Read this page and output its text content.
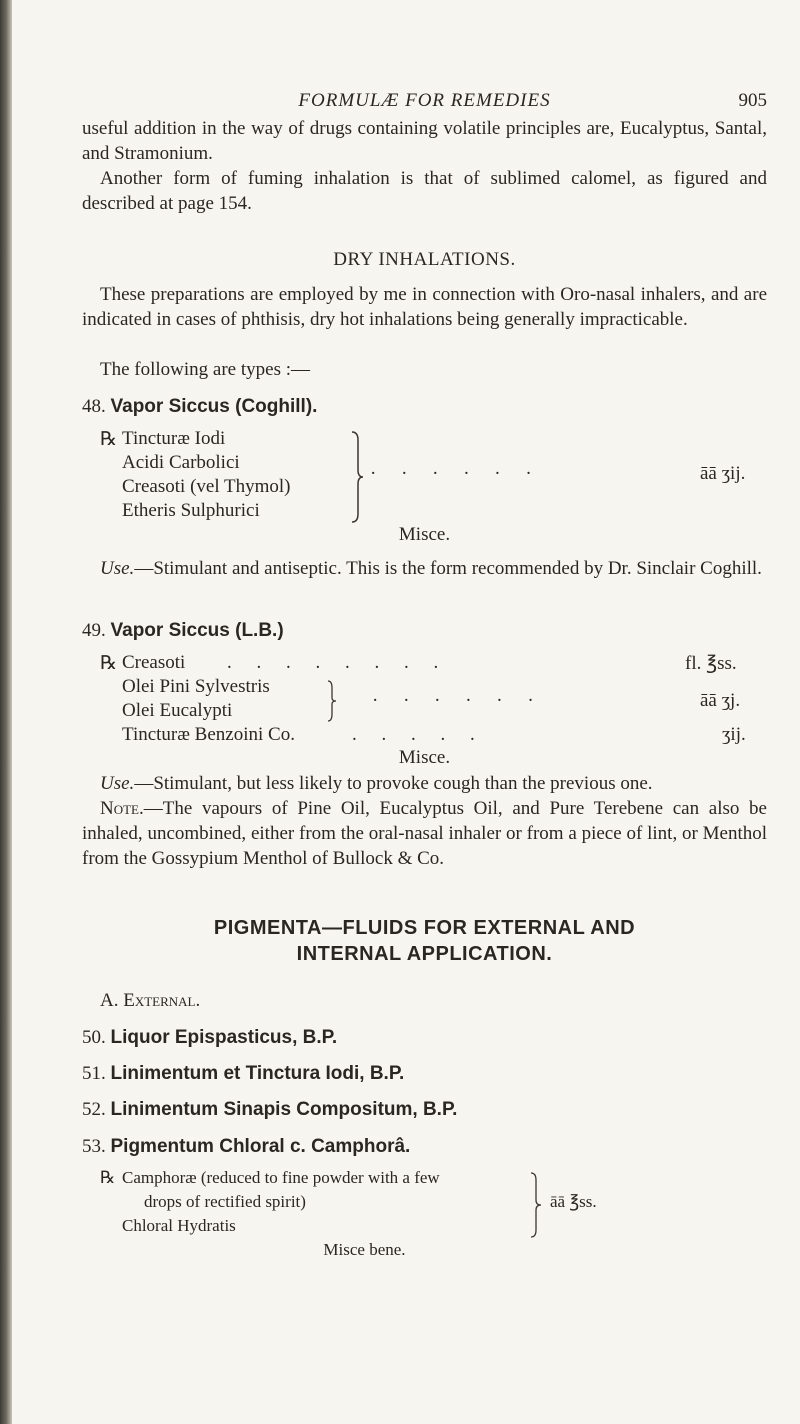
FORMULÆ FOR REMEDIES	905

useful addition in the way of drugs containing volatile principles are, Eucalyptus, Santal, and Stramonium.

Another form of fuming inhalation is that of sublimed calomel, as figured and described at page 154.

DRY INHALATIONS.

These preparations are employed by me in connection with Oro-nasal inhalers, and are indicated in cases of phthisis, dry hot inhalations being generally impracticable.

The following are types :—

48. Vapor Siccus (Coghill).
℞ Tincturæ Iodi
Acidi Carbolici
Creasoti (vel Thymol)
Etheris Sulphurici
· · · · · ·	āā ʒij.
Misce.

Use.—Stimulant and antiseptic. This is the form recommended by Dr. Sinclair Coghill.

49. Vapor Siccus (L.B.)
℞ Creasoti . . . . . . . .	fl. ℥ss.
Olei Pini Sylvestris
Olei Eucalypti	· · · · · ·	āā ʒj.
Tincturæ Benzoini Co.	. . . . .	ʒij.
Misce.

Use.—Stimulant, but less likely to provoke cough than the previous one.

Note.—The vapours of Pine Oil, Eucalyptus Oil, and Pure Terebene can also be inhaled, uncombined, either from the oral-nasal inhaler or from a piece of lint, or Menthol from the Gossypium Menthol of Bullock & Co.

PIGMENTA—FLUIDS FOR EXTERNAL AND
INTERNAL APPLICATION.
A. External.
50. Liquor Epispasticus, B.P.
51. Linimentum et Tinctura Iodi, B.P.
52. Linimentum Sinapis Compositum, B.P.
53. Pigmentum Chloral c. Camphorâ.
℞ Camphoræ (reduced to fine powder with a few
drops of rectified spirit)
Chloral Hydratis
āā ℥ss.
Misce bene.
